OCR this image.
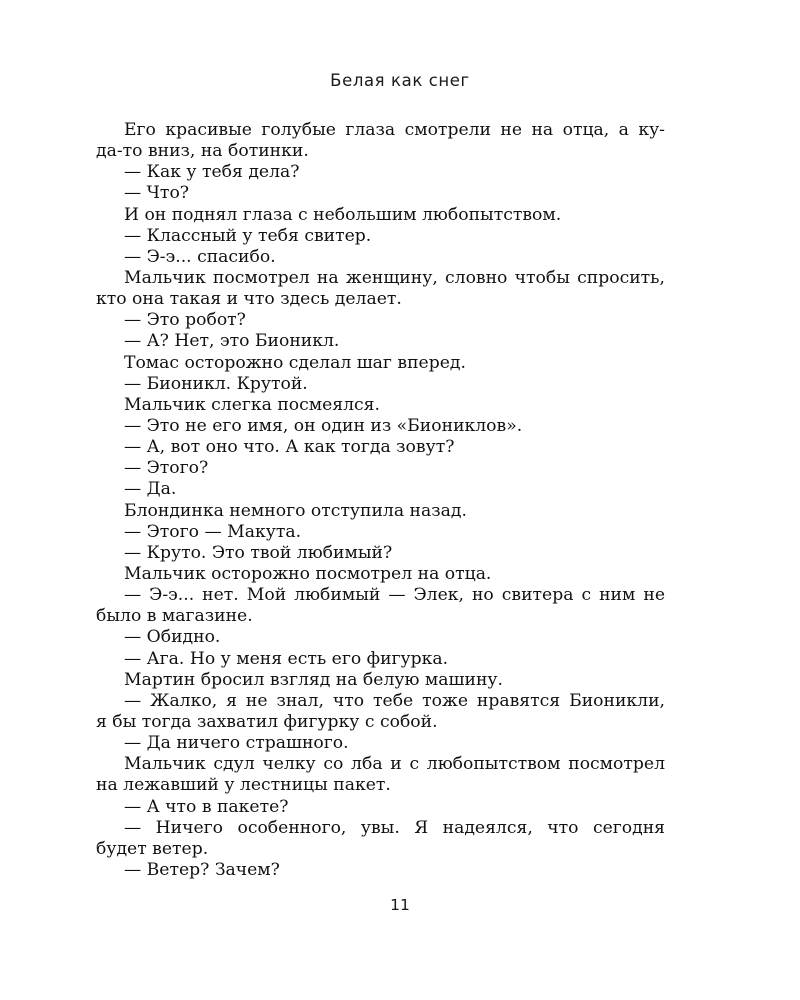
Белая как снег
Его красивые голубые глаза смотрели не на отца, а ку-
да-то вниз, на ботинки.
— Как у тебя дела?
— Что?
И он поднял глаза с небольшим любопытством.
— Классный у тебя свитер.
— Э-э... спасибо.
Мальчик посмотрел на женщину, словно чтобы спросить,
кто она такая и что здесь делает.
— Это робот?
— А? Нет, это Бионикл.
Томас осторожно сделал шаг вперед.
— Бионикл. Крутой.
Мальчик слегка посмеялся.
— Это не его имя, он один из «Биониклов».
— А, вот оно что. А как тогда зовут?
— Этого?
— Да.
Блондинка немного отступила назад.
— Этого — Макута.
— Круто. Это твой любимый?
Мальчик осторожно посмотрел на отца.
— Э-э... нет. Мой любимый — Элек, но свитера с ним не
было в магазине.
— Обидно.
— Ага. Но у меня есть его фигурка.
Мартин бросил взгляд на белую машину.
— Жалко, я не знал, что тебе тоже нравятся Бионикли,
я бы тогда захватил фигурку с собой.
— Да ничего страшного.
Мальчик сдул челку со лба и с любопытством посмотрел
на лежавший у лестницы пакет.
— А что в пакете?
— Ничего особенного, увы. Я надеялся, что сегодня
будет ветер.
— Ветер? Зачем?
11
